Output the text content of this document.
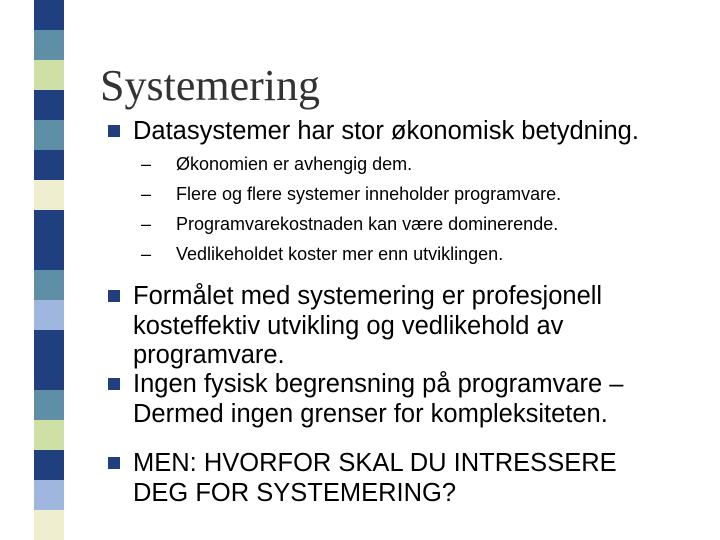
Systemering
Datasystemer har stor økonomisk betydning.
– Økonomien er avhengig dem.
– Flere og flere systemer inneholder programvare.
– Programvarekostnaden kan være dominerende.
– Vedlikeholdet koster mer enn utviklingen.
Formålet med systemering er profesjonell
kosteffektiv utvikling og vedlikehold av
programvare.
Ingen fysisk begrensning på programvare –
Dermed ingen grenser for kompleksiteten.
MEN: HVORFOR SKAL DU INTRESSERE
DEG FOR SYSTEMERING?
